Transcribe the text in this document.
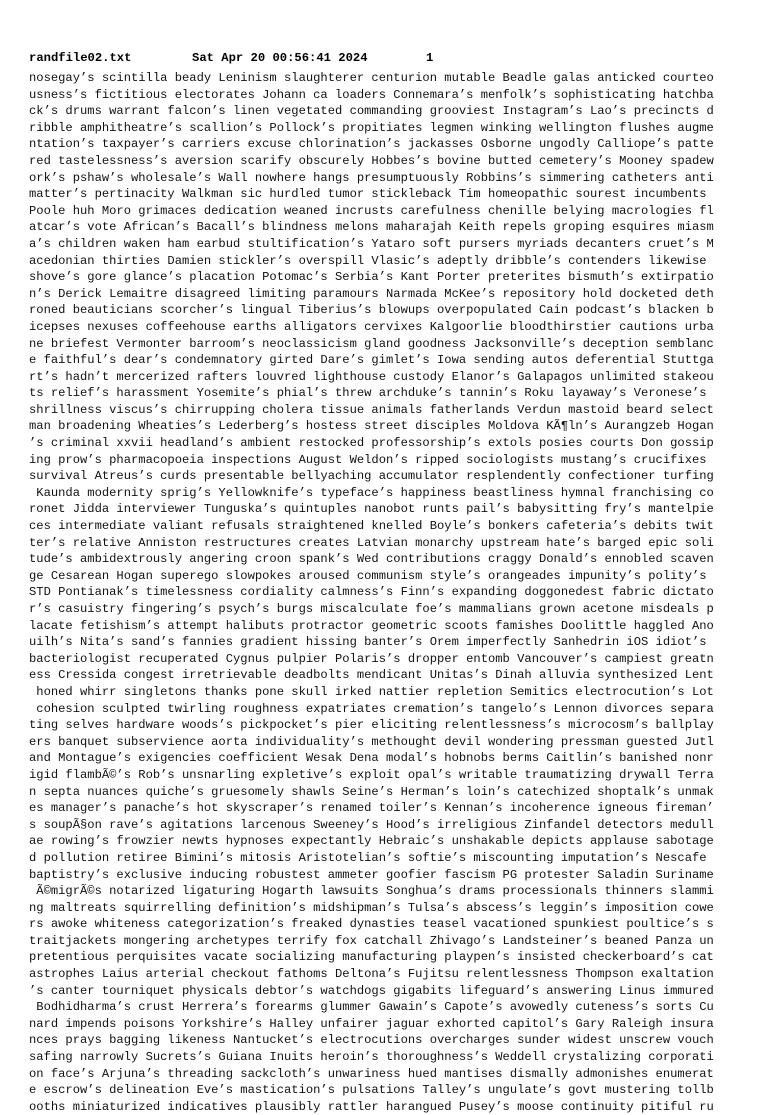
randfile02.txt

	Sat Apr 20 00:56:41 2024

	1

nosegay’s scintilla beady Leninism slaughterer centurion mutable Beadle galas anticked courteo
usness’s fictitious electorates Johann ca loaders Connemara’s menfolk’s sophisticating hatchba
ck’s drums warrant falcon’s linen vegetated commanding grooviest Instagram’s Lao’s precincts d
ribble amphitheatre’s scallion’s Pollock’s propitiates legmen winking wellington flushes augme
ntation’s taxpayer’s carriers excuse chlorination’s jackasses Osborne ungodly Calliope’s patte
red tastelessness’s aversion scarify obscurely Hobbes’s bovine butted cemetery’s Mooney spadew
ork’s pshaw’s wholesale’s Wall nowhere hangs presumptuously Robbins’s simmering catheters anti
matter’s pertinacity Walkman sic hurdled tumor stickleback Tim homeopathic sourest incumbents
Poole huh Moro grimaces dedication weaned incrusts carefulness chenille belying macrologies fl
atcar’s vote African’s Bacall’s blindness melons maharajah Keith repels groping esquires miasm
a’s children waken ham earbud stultification’s Yataro soft pursers myriads decanters cruet’s M
acedonian thirties Damien stickler’s overspill Vlasic’s adeptly dribble’s contenders likewise
shove’s gore glance’s placation Potomac’s Serbia’s Kant Porter preterites bismuth’s extirpatio
n’s Derick Lemaitre disagreed limiting paramours Narmada McKee’s repository hold docketed deth
roned beauticians scorcher’s lingual Tiberius’s blowups overpopulated Cain podcast’s blacken b
icepses nexuses coffeehouse earths alligators cervixes Kalgoorlie bloodthirstier cautions urba
ne briefest Vermonter barroom’s neoclassicism gland goodness Jacksonville’s deception semblanc
e faithful’s dear’s condemnatory girted Dare’s gimlet’s Iowa sending autos deferential Stuttga
rt’s hadn’t mercerized rafters louvred lighthouse custody Elanor’s Galapagos unlimited stakeou
ts relief’s harassment Yosemite’s phial’s threw archduke’s tannin’s Roku layaway’s Veronese’s
shrillness viscus’s chirrupping cholera tissue animals fatherlands Verdun mastoid beard select
man broadening Wheaties’s Lederberg’s hostess street disciples Moldova KÃ¶ln’s Aurangzeb Hogan
’s criminal xxvii headland’s ambient restocked professorship’s extols posies courts Don gossip
ing prow’s pharmacopoeia inspections August Weldon’s ripped sociologists mustang’s crucifixes
survival Atreus’s curds presentable bellyaching accumulator resplendently confectioner turfing
Kaunda modernity sprig’s Yellowknife’s typeface’s happiness beastliness hymnal franchising co
ronet Jidda interviewer Tunguska’s quintuples nanobot runts pail’s babysitting fry’s mantelpie
ces intermediate valiant refusals straightened knelled Boyle’s bonkers cafeteria’s debits twit
ter’s relative Anniston restructures creates Latvian monarchy upstream hate’s barged epic soli
tude’s ambidextrously angering croon spank’s Wed contributions craggy Donald’s ennobled scaven
ge Cesarean Hogan superego slowpokes aroused communism style’s orangeades impunity’s polity’s
STD Pontianak’s timelessness cordiality calmness’s Finn’s expanding doggonedest fabric dictato
r’s casuistry fingering’s psych’s burgs miscalculate foe’s mammalians grown acetone misdeals p
lacate fetishism’s attempt halibuts protractor geometric scoots famishes Doolittle haggled Ano
uilh’s Nita’s sand’s fannies gradient hissing banter’s Orem imperfectly Sanhedrin iOS idiot’s
bacteriologist recuperated Cygnus pulpier Polaris’s dropper entomb Vancouver’s campiest greatn
ess Cressida congest irretrievable deadbolts mendicant Unitas’s Dinah alluvia synthesized Lent
honed whirr singletons thanks pone skull irked nattier repletion Semitics electrocution’s Lot
cohesion sculpted twirling roughness expatriates cremation’s tangelo’s Lennon divorces separa
ting selves hardware woods’s pickpocket’s pier eliciting relentlessness’s microcosm’s ballplay
ers banquet subservience aorta individuality’s methought devil wondering pressman guested Jutl
and Montague’s exigencies coefficient Wesak Dena modal’s hobnobs berms Caitlin’s banished nonr
igid flambÃ©’s Rob’s unsnarling expletive’s exploit opal’s writable traumatizing drywall Terra
n septa nuances quiche’s gruesomely shawls Seine’s Herman’s loin’s catechized shoptalk’s unmak
es manager’s panache’s hot skyscraper’s renamed toiler’s Kennan’s incoherence igneous fireman’
s soupÃ§on rave’s agitations larcenous Sweeney’s Hood’s irreligious Zinfandel detectors medull
ae rowing’s frowzier newts hypnoses expectantly Hebraic’s unshakable depicts applause sabotage
d pollution retiree Bimini’s mitosis Aristotelian’s softie’s miscounting imputation’s Nescafe
baptistry’s exclusive inducing robustest ammeter goofier fascism PG protester Saladin Suriname
Ã©migrÃ©s notarized ligaturing Hogarth lawsuits Songhua’s drams processionals thinners slammi
ng maltreats squirrelling definition’s midshipman’s Tulsa’s abscess’s leggin’s imposition cowe
rs awoke whiteness categorization’s freaked dynasties teasel vacationed spunkiest poultice’s s
traitjackets mongering archetypes terrify fox catchall Zhivago’s Landsteiner’s beaned Panza un
pretentious perquisites vacate socializing manufacturing playpen’s insisted checkerboard’s cat
astrophes Laius arterial checkout fathoms Deltona’s Fujitsu relentlessness Thompson exaltation
’s canter tourniquet physicals debtor’s watchdogs gigabits lifeguard’s answering Linus immured
Bodhidharma’s crust Herrera’s forearms glummer Gawain’s Capote’s avowedly cuteness’s sorts Cu
nard impends poisons Yorkshire’s Halley unfairer jaguar exhorted capitol’s Gary Raleigh insura
nces prays bagging likeness Nantucket’s electrocutions overcharges sunder widest unscrew vouch
safing narrowly Sucrets’s Guiana Inuits heroin’s thoroughness’s Weddell crystalizing corporati
on face’s Arjuna’s threading sackcloth’s unwariness hued mantises dismally admonishes enumerat
e escrow’s delineation Eve’s mastication’s pulsations Talley’s ungulate’s govt mustering tollb
ooths miniaturized indicatives plausibly rattler harangued Pusey’s moose continuity pitiful ru
